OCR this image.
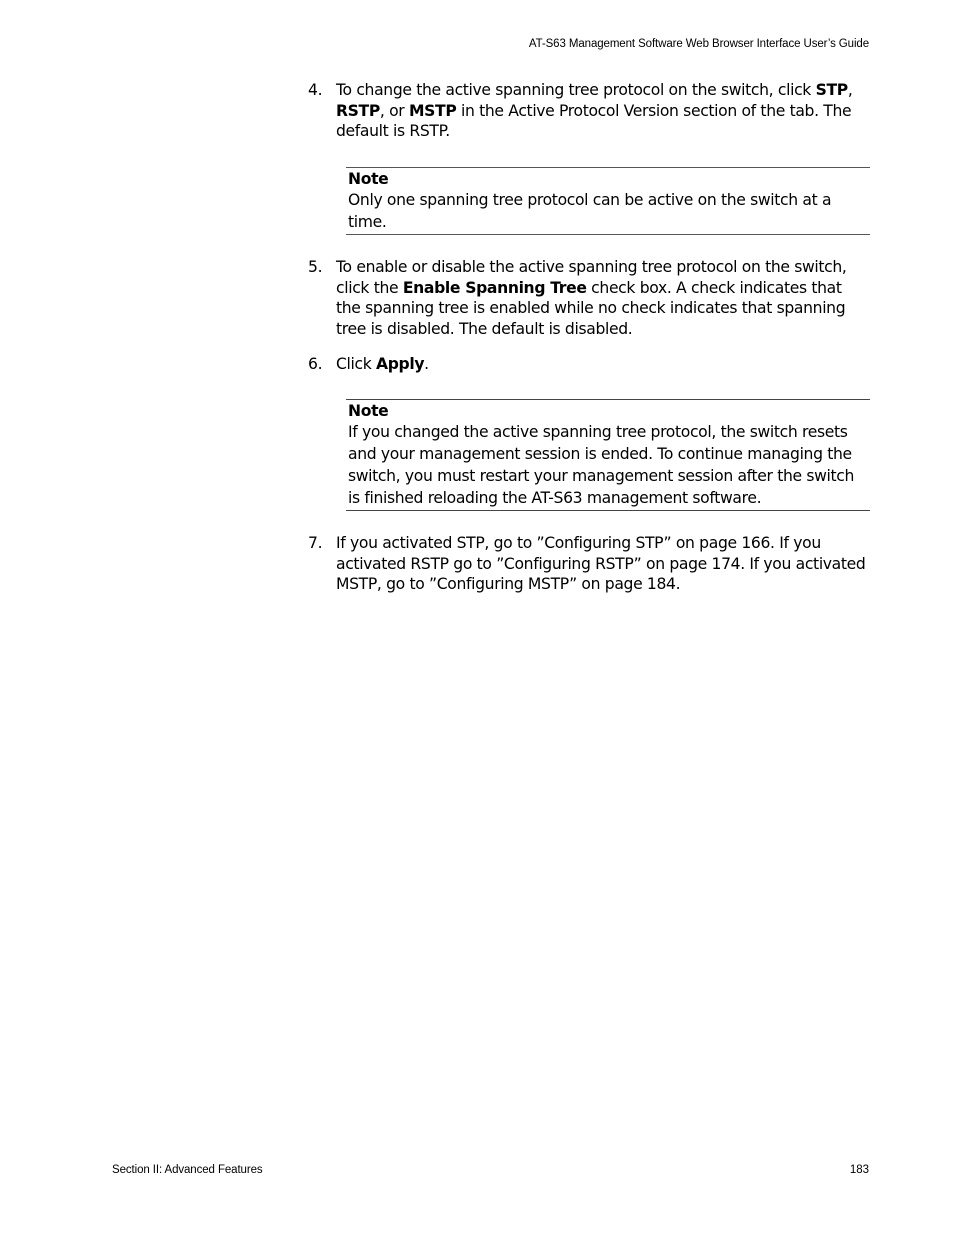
AT-S63 Management Software Web Browser Interface User’s Guide
4. To change the active spanning tree protocol on the switch, click STP, RSTP, or MSTP in the Active Protocol Version section of the tab. The default is RSTP.
Note
Only one spanning tree protocol can be active on the switch at a time.
5. To enable or disable the active spanning tree protocol on the switch, click the Enable Spanning Tree check box. A check indicates that the spanning tree is enabled while no check indicates that spanning tree is disabled. The default is disabled.
6. Click Apply.
Note
If you changed the active spanning tree protocol, the switch resets and your management session is ended. To continue managing the switch, you must restart your management session after the switch is finished reloading the AT-S63 management software.
7. If you activated STP, go to ”Configuring STP” on page 166. If you activated RSTP go to ”Configuring RSTP” on page 174. If you activated MSTP, go to ”Configuring MSTP” on page 184.
Section II: Advanced Features	183
